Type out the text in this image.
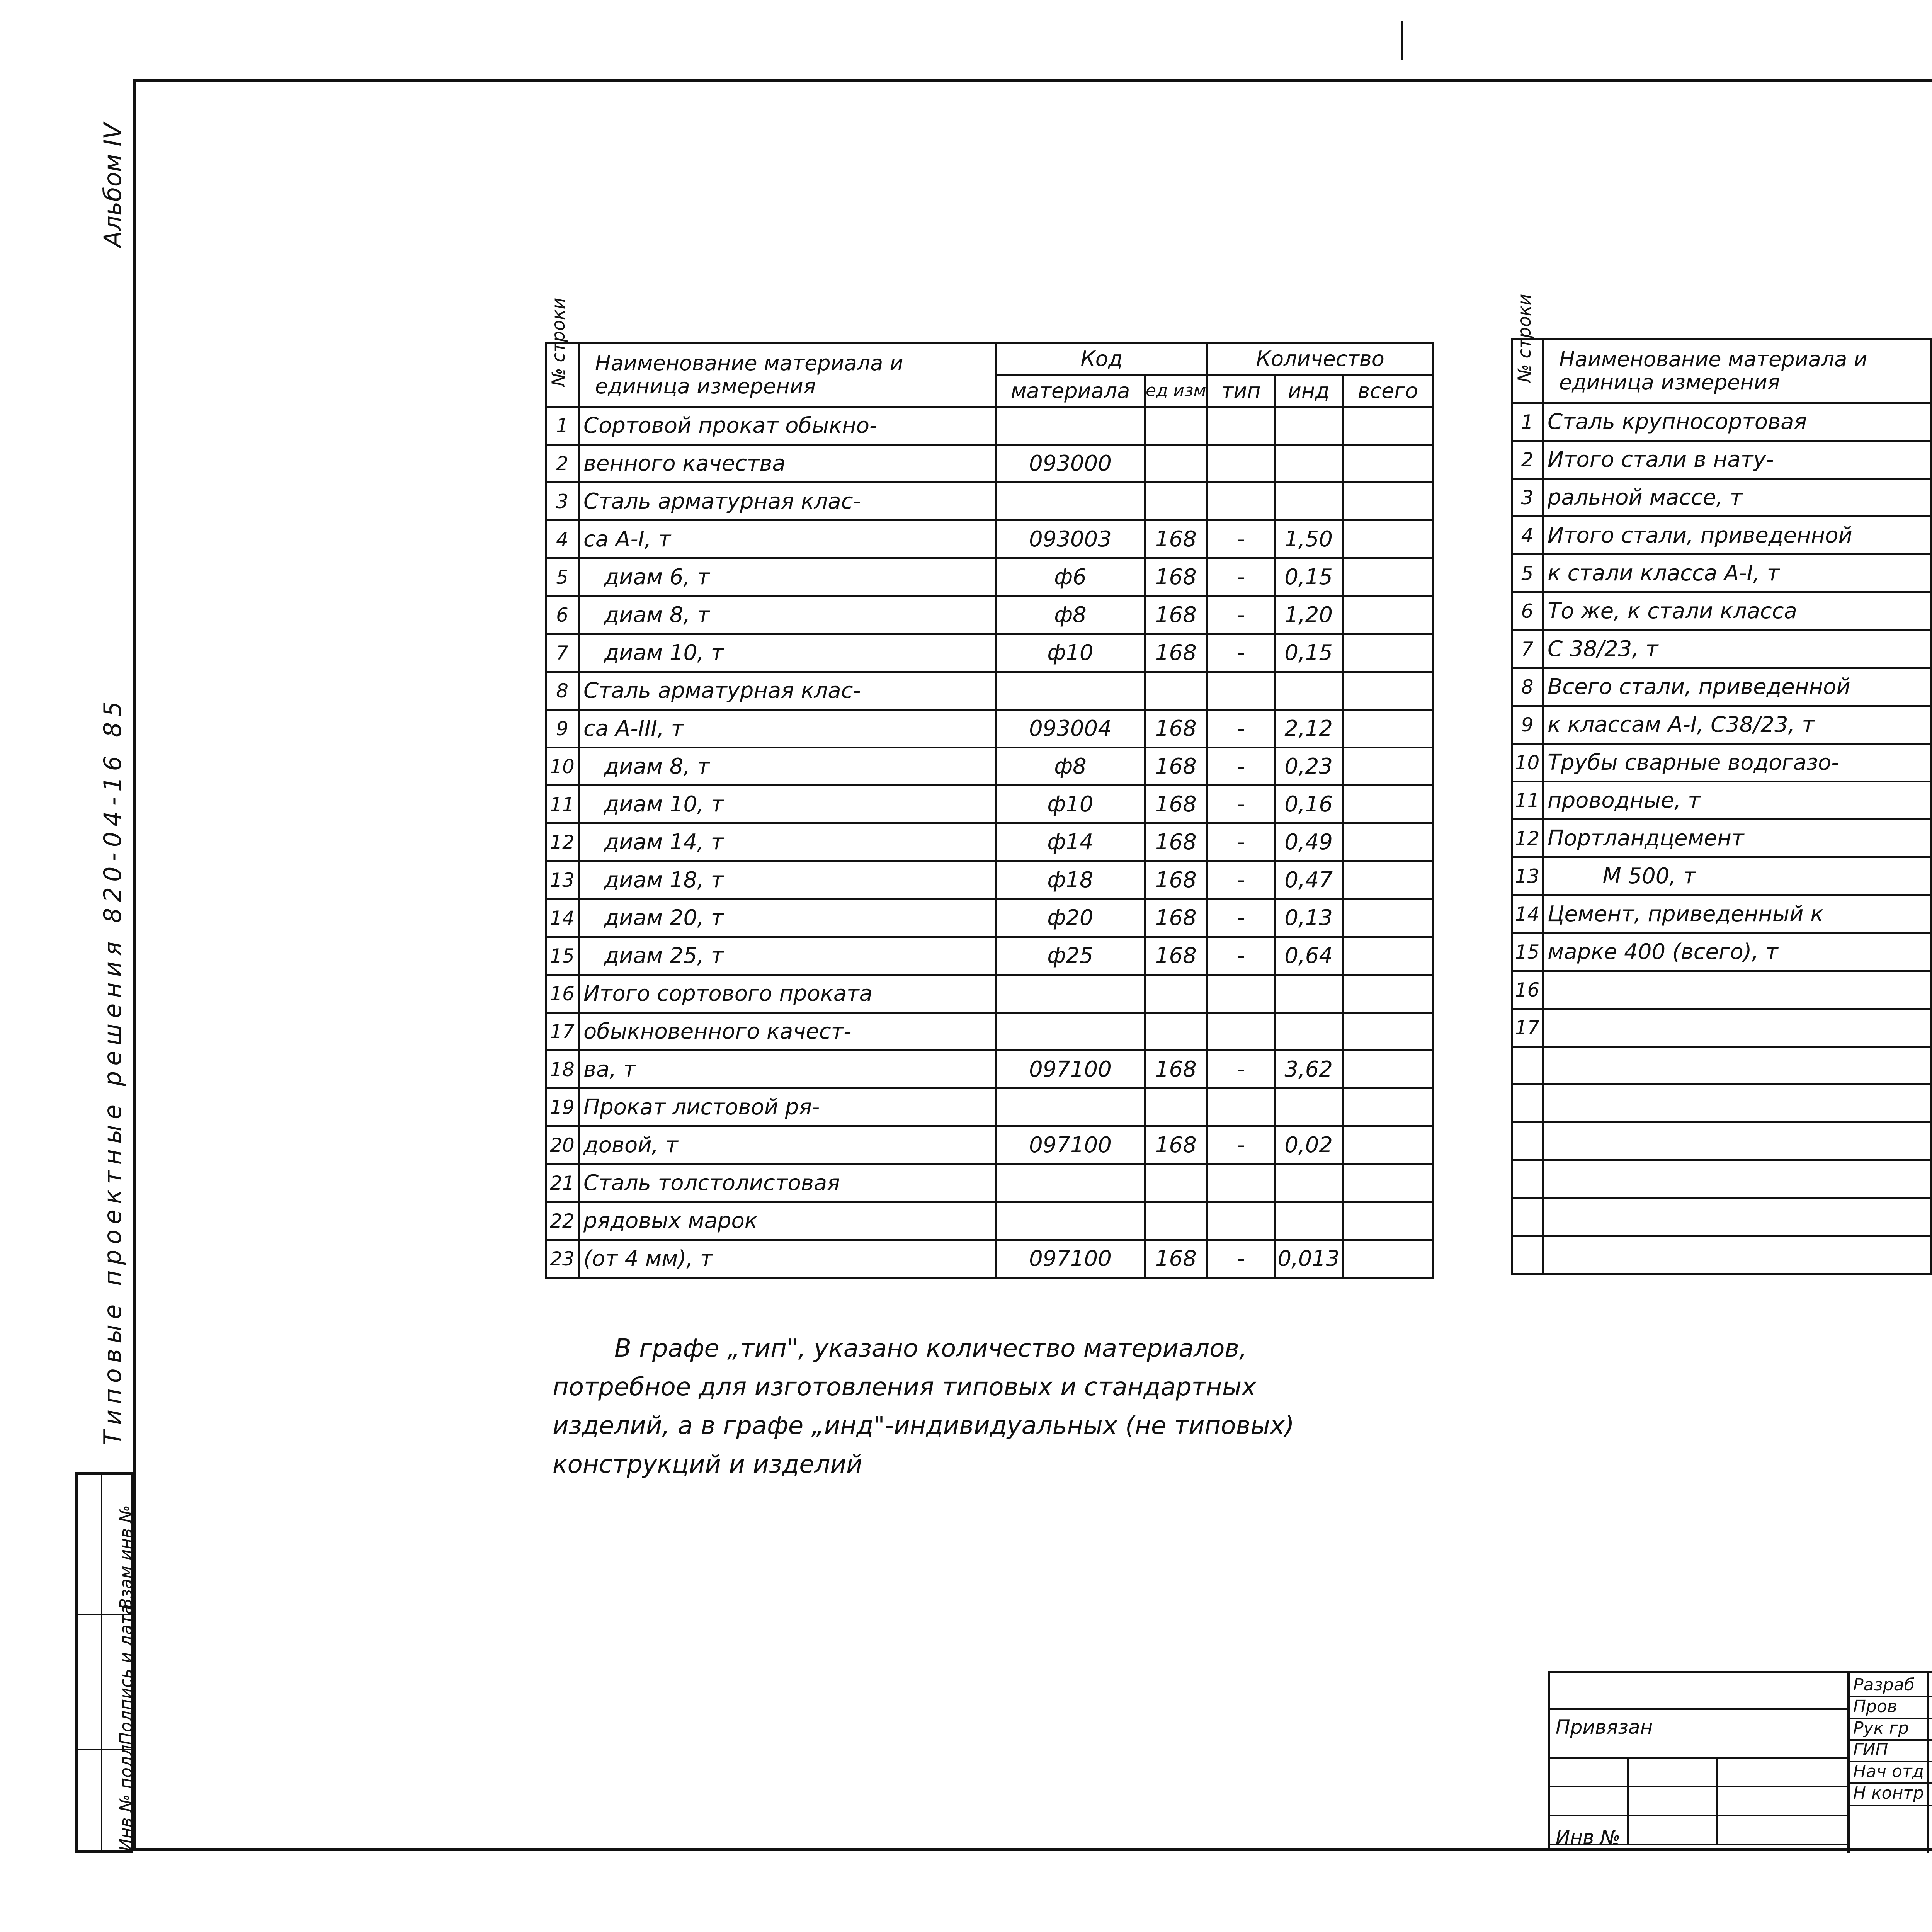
Альбом IV
Типовые проектные решения 820-04-16 85
Инв № подл
Подпись и дата
Взам инв №
№ строки	Наименование материала и единица измерения	Код		Количество		
		материала	ед изм	тип	инд	всего
1	Сортовой прокат обыкно-					
2	венного качества	093000				
3	Сталь арматурная клас-					
4	са А-I, т	093003	168	-	1,50	
5	диам 6, т	ф6	168	-	0,15	
6	диам 8, т	ф8	168	-	1,20	
7	диам 10, т	ф10	168	-	0,15	
8	Сталь арматурная клас-					
9	са А-III, т	093004	168	-	2,12	
10	диам 8, т	ф8	168	-	0,23	
11	диам 10, т	ф10	168	-	0,16	
12	диам 14, т	ф14	168	-	0,49	
13	диам 18, т	ф18	168	-	0,47	
14	диам 20, т	ф20	168	-	0,13	
15	диам 25, т	ф25	168	-	0,64	
16	Итого сортового проката					
17	обыкновенного качест-					
18	ва, т	097100	168	-	3,62	
19	Прокат листовой ря-					
20	довой, т	097100	168	-	0,02	
21	Сталь толстолистовая					
22	рядовых марок					
23	(от 4 мм), т	097100	168	-	0,013	
№ строки	Наименование материала и единица измерения		

1	Сталь крупносортовая					
2	Итого стали в нату-					
3	ральной массе, т					
4	Итого стали, приведенной					
5	к стали класса А-I, т					
6	То же, к стали класса					
7	С 38/23, т					
8	Всего стали, приведенной					
9	к классам А-I, С38/23, т					
10	Трубы сварные водогазо-					
11	проводные, т					
12	Портландцемент					
13	М 500, т					
14	Цемент, приведенный к					
15	марке 400 (всего), т					
16						
17						

В графе „тип", указано количество материалов,
потребное для изготовления типовых и стандартных
изделий, а в графе „инд"-индивидуальных (не типовых)
конструкций и изделий
Привязан
Инв №
Разраб
Пров
Рук гр
ГИП
Нач отд
Н контр
